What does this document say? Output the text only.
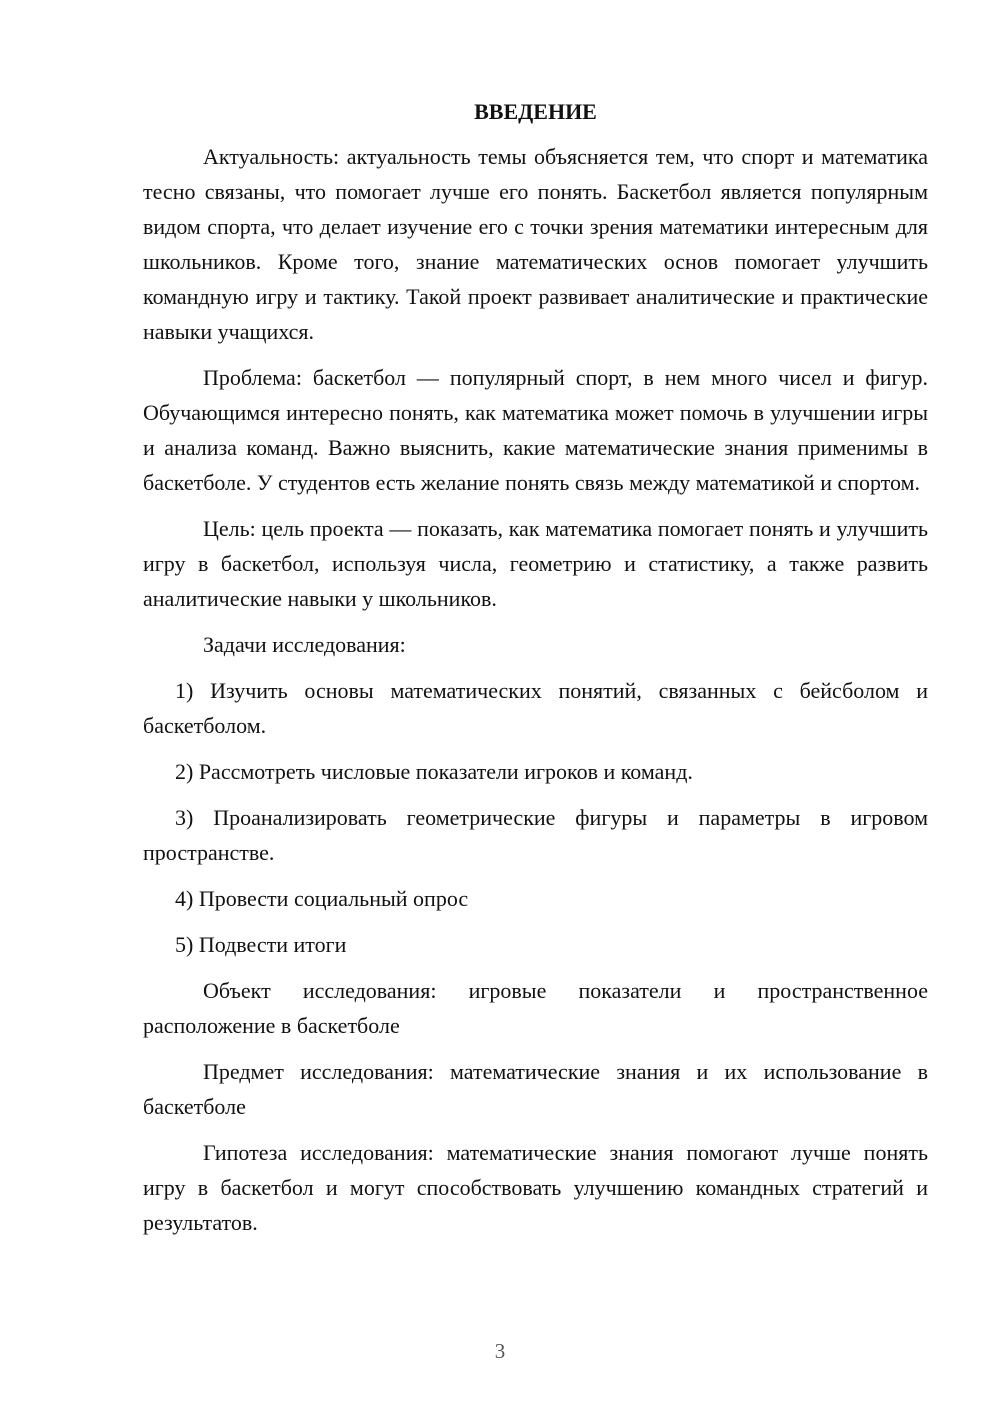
ВВЕДЕНИЕ

Актуальность: актуальность темы объясняется тем, что спорт и математика тесно связаны, что помогает лучше его понять. Баскетбол является популярным видом спорта, что делает изучение его с точки зрения математики интересным для школьников. Кроме того, знание математических основ помогает улучшить командную игру и тактику. Такой проект развивает аналитические и практические навыки учащихся.

Проблема: баскетбол — популярный спорт, в нем много чисел и фигур. Обучающимся интересно понять, как математика может помочь в улучшении игры и анализа команд. Важно выяснить, какие математические знания применимы в баскетболе. У студентов есть желание понять связь между математикой и спортом.

Цель: цель проекта — показать, как математика помогает понять и улучшить игру в баскетбол, используя числа, геометрию и статистику, а также развить аналитические навыки у школьников.

Задачи исследования:

1) Изучить основы математических понятий, связанных с бейсболом и баскетболом.

2) Рассмотреть числовые показатели игроков и команд.

3) Проанализировать геометрические фигуры и параметры в игровом пространстве.

4) Провести социальный опрос

5) Подвести итоги

Объект исследования: игровые показатели и пространственное расположение в баскетболе

Предмет исследования: математические знания и их использование в баскетболе

Гипотеза исследования: математические знания помогают лучше понять игру в баскетбол и могут способствовать улучшению командных стратегий и результатов.

3
